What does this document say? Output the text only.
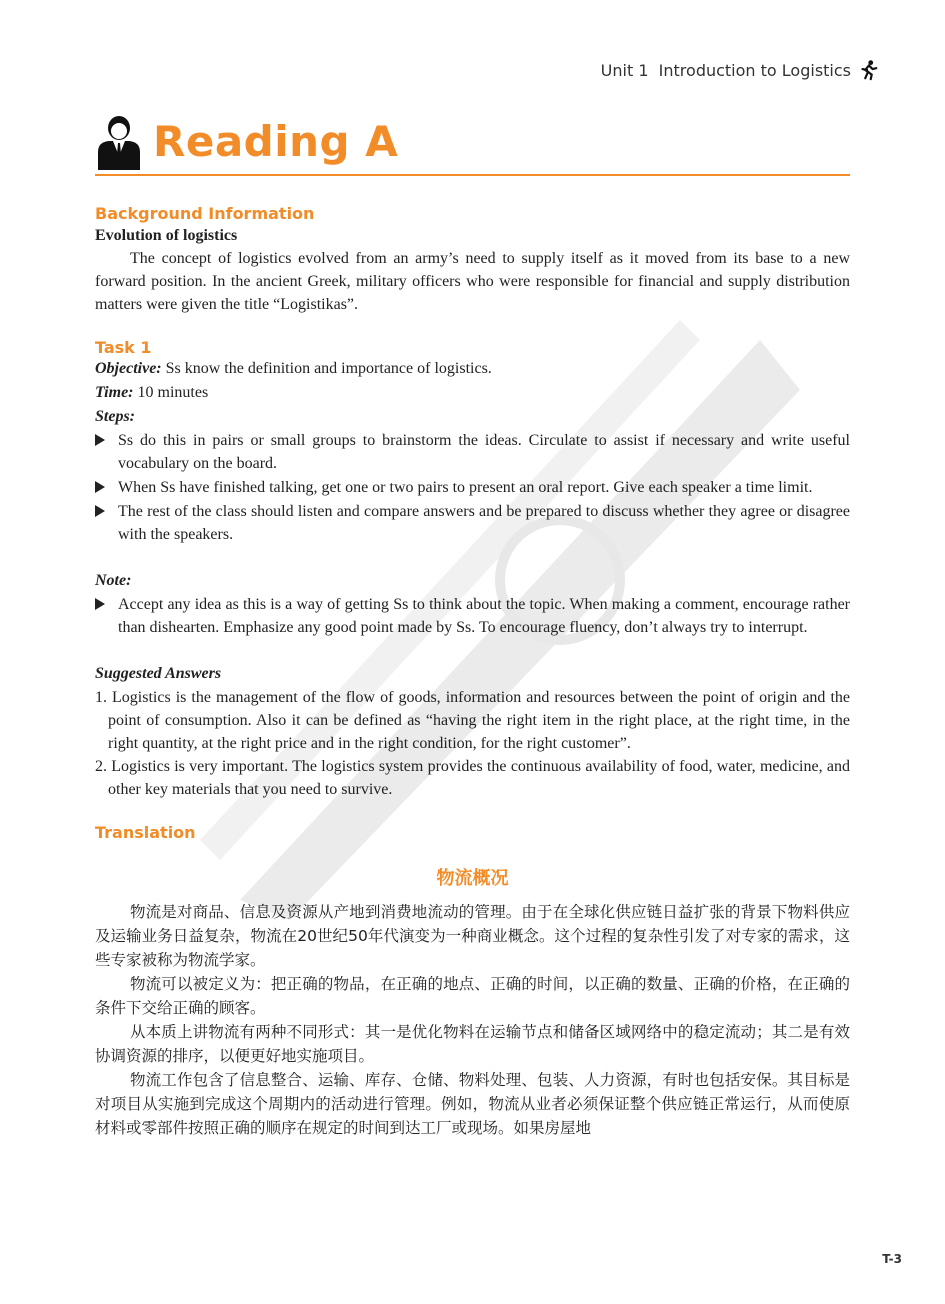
Unit 1  Introduction to Logistics
Reading A
Background Information
Evolution of logistics

The concept of logistics evolved from an army’s need to supply itself as it moved from its base to a new forward position. In the ancient Greek, military officers who were responsible for financial and supply distribution matters were given the title “Logistikas”.

Task 1
Objective: Ss know the definition and importance of logistics.
Time: 10 minutes
Steps:
Ss do this in pairs or small groups to brainstorm the ideas. Circulate to assist if necessary and write useful vocabulary on the board.
When Ss have finished talking, get one or two pairs to present an oral report. Give each speaker a time limit.
The rest of the class should listen and compare answers and be prepared to discuss whether they agree or disagree with the speakers.
Note:
Accept any idea as this is a way of getting Ss to think about the topic. When making a comment, encourage rather than dishearten. Emphasize any good point made by Ss. To encourage fluency, don’t always try to interrupt.
Suggested Answers
1. Logistics is the management of the flow of goods, information and resources between the point of origin and the point of consumption. Also it can be defined as “having the right item in the right place, at the right time, in the right quantity, at the right price and in the right condition, for the right customer”.
2. Logistics is very important. The logistics system provides the continuous availability of food, water, medicine, and other key materials that you need to survive.
Translation
物流概况

物流是对商品、信息及资源从产地到消费地流动的管理。由于在全球化供应链日益扩张的背景下物料供应及运输业务日益复杂，物流在20世纪50年代演变为一种商业概念。这个过程的复杂性引发了对专家的需求，这些专家被称为物流学家。

物流可以被定义为：把正确的物品，在正确的地点、正确的时间，以正确的数量、正确的价格，在正确的条件下交给正确的顾客。

从本质上讲物流有两种不同形式：其一是优化物料在运输节点和储备区域网络中的稳定流动；其二是有效协调资源的排序，以便更好地实施项目。

物流工作包含了信息整合、运输、库存、仓储、物料处理、包装、人力资源，有时也包括安保。其目标是对项目从实施到完成这个周期内的活动进行管理。例如，物流从业者必须保证整个供应链正常运行，从而使原材料或零部件按照正确的顺序在规定的时间到达工厂或现场。如果房屋地

T-3
